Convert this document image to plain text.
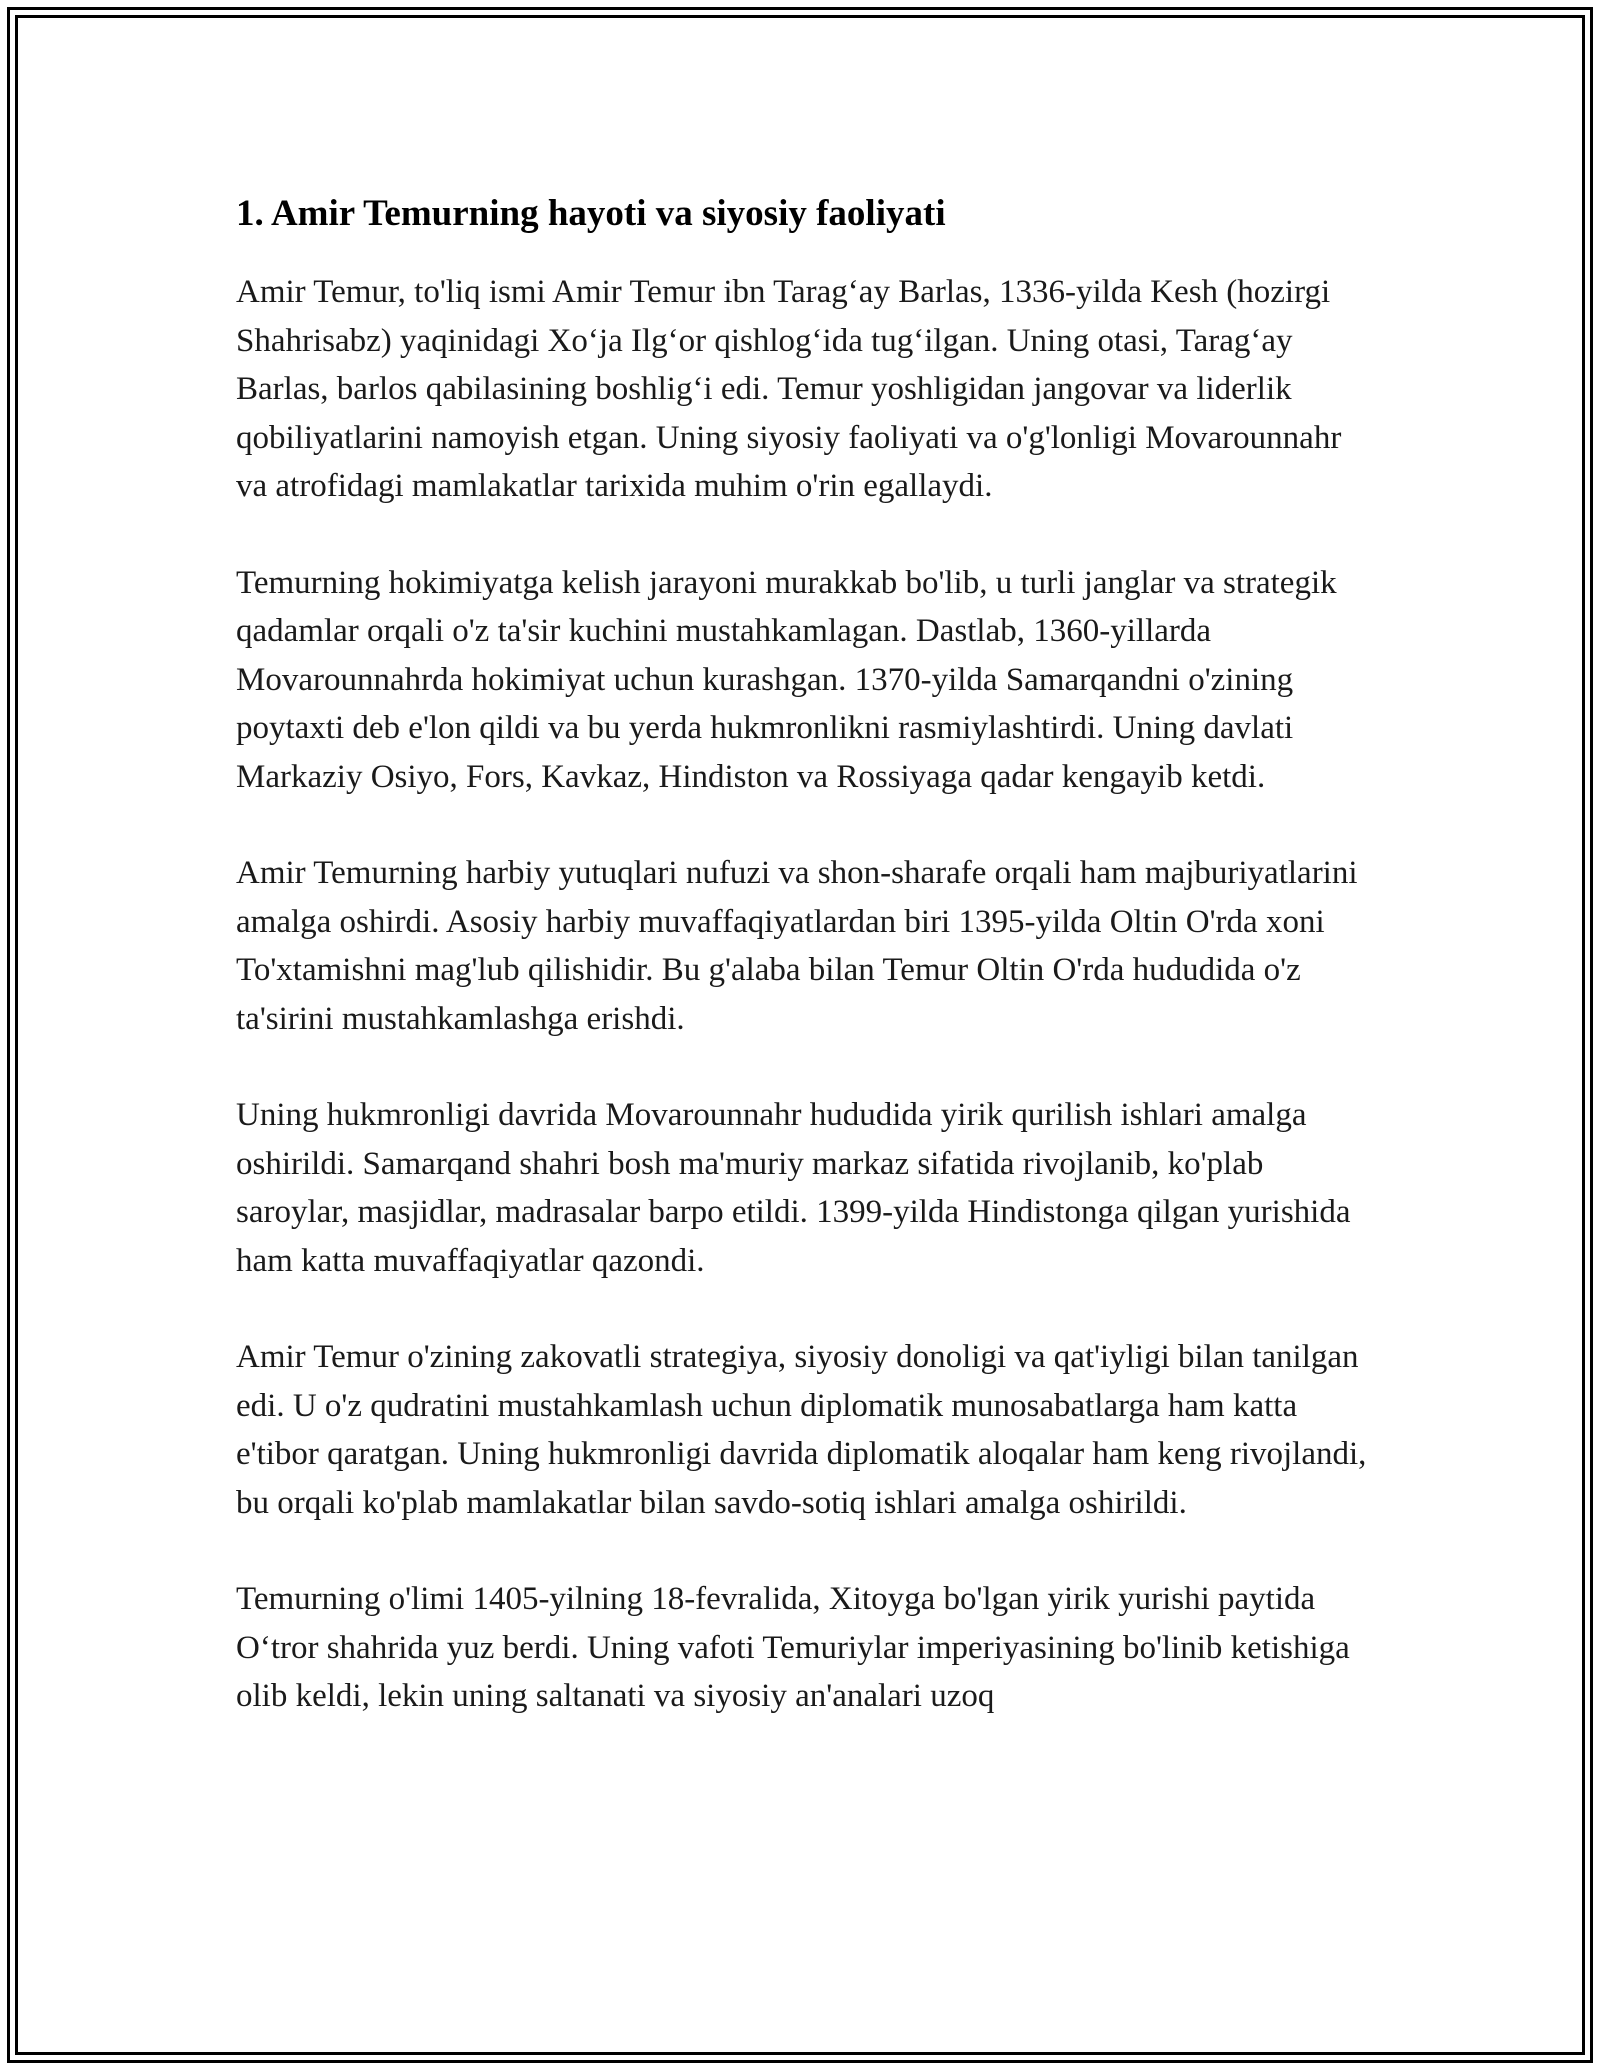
1. Amir Temurning hayoti va siyosiy faoliyati

Amir Temur, to'liq ismi Amir Temur ibn Tarag‘ay Barlas, 1336-yilda Kesh (hozirgi Shahrisabz) yaqinidagi Xo‘ja Ilg‘or qishlog‘ida tug‘ilgan. Uning otasi, Tarag‘ay Barlas, barlos qabilasining boshlig‘i edi. Temur yoshligidan jangovar va liderlik qobiliyatlarini namoyish etgan. Uning siyosiy faoliyati va o'g'lonligi Movarounnahr va atrofidagi mamlakatlar tarixida muhim o'rin egallaydi.

Temurning hokimiyatga kelish jarayoni murakkab bo'lib, u turli janglar va strategik qadamlar orqali o'z ta'sir kuchini mustahkamlagan. Dastlab, 1360-yillarda Movarounnahrda hokimiyat uchun kurashgan. 1370-yilda Samarqandni o'zining poytaxti deb e'lon qildi va bu yerda hukmronlikni rasmiylashtirdi. Uning davlati Markaziy Osiyo, Fors, Kavkaz, Hindiston va Rossiyaga qadar kengayib ketdi.

Amir Temurning harbiy yutuqlari nufuzi va shon-sharafe orqali ham majburiyatlarini amalga oshirdi. Asosiy harbiy muvaffaqiyatlardan biri 1395-yilda Oltin O'rda xoni To'xtamishni mag'lub qilishidir. Bu g'alaba bilan Temur Oltin O'rda hududida o'z ta'sirini mustahkamlashga erishdi.

Uning hukmronligi davrida Movarounnahr hududida yirik qurilish ishlari amalga oshirildi. Samarqand shahri bosh ma'muriy markaz sifatida rivojlanib, ko'plab saroylar, masjidlar, madrasalar barpo etildi. 1399-yilda Hindistonga qilgan yurishida ham katta muvaffaqiyatlar qazondi.

Amir Temur o'zining zakovatli strategiya, siyosiy donoligi va qat'iyligi bilan tanilgan edi. U o'z qudratini mustahkamlash uchun diplomatik munosabatlarga ham katta e'tibor qaratgan. Uning hukmronligi davrida diplomatik aloqalar ham keng rivojlandi, bu orqali ko'plab mamlakatlar bilan savdo-sotiq ishlari amalga oshirildi.

Temurning o'limi 1405-yilning 18-fevralida, Xitoyga bo'lgan yirik yurishi paytida O‘tror shahrida yuz berdi. Uning vafoti Temuriylar imperiyasining bo'linib ketishiga olib keldi, lekin uning saltanati va siyosiy an'analari uzoq
